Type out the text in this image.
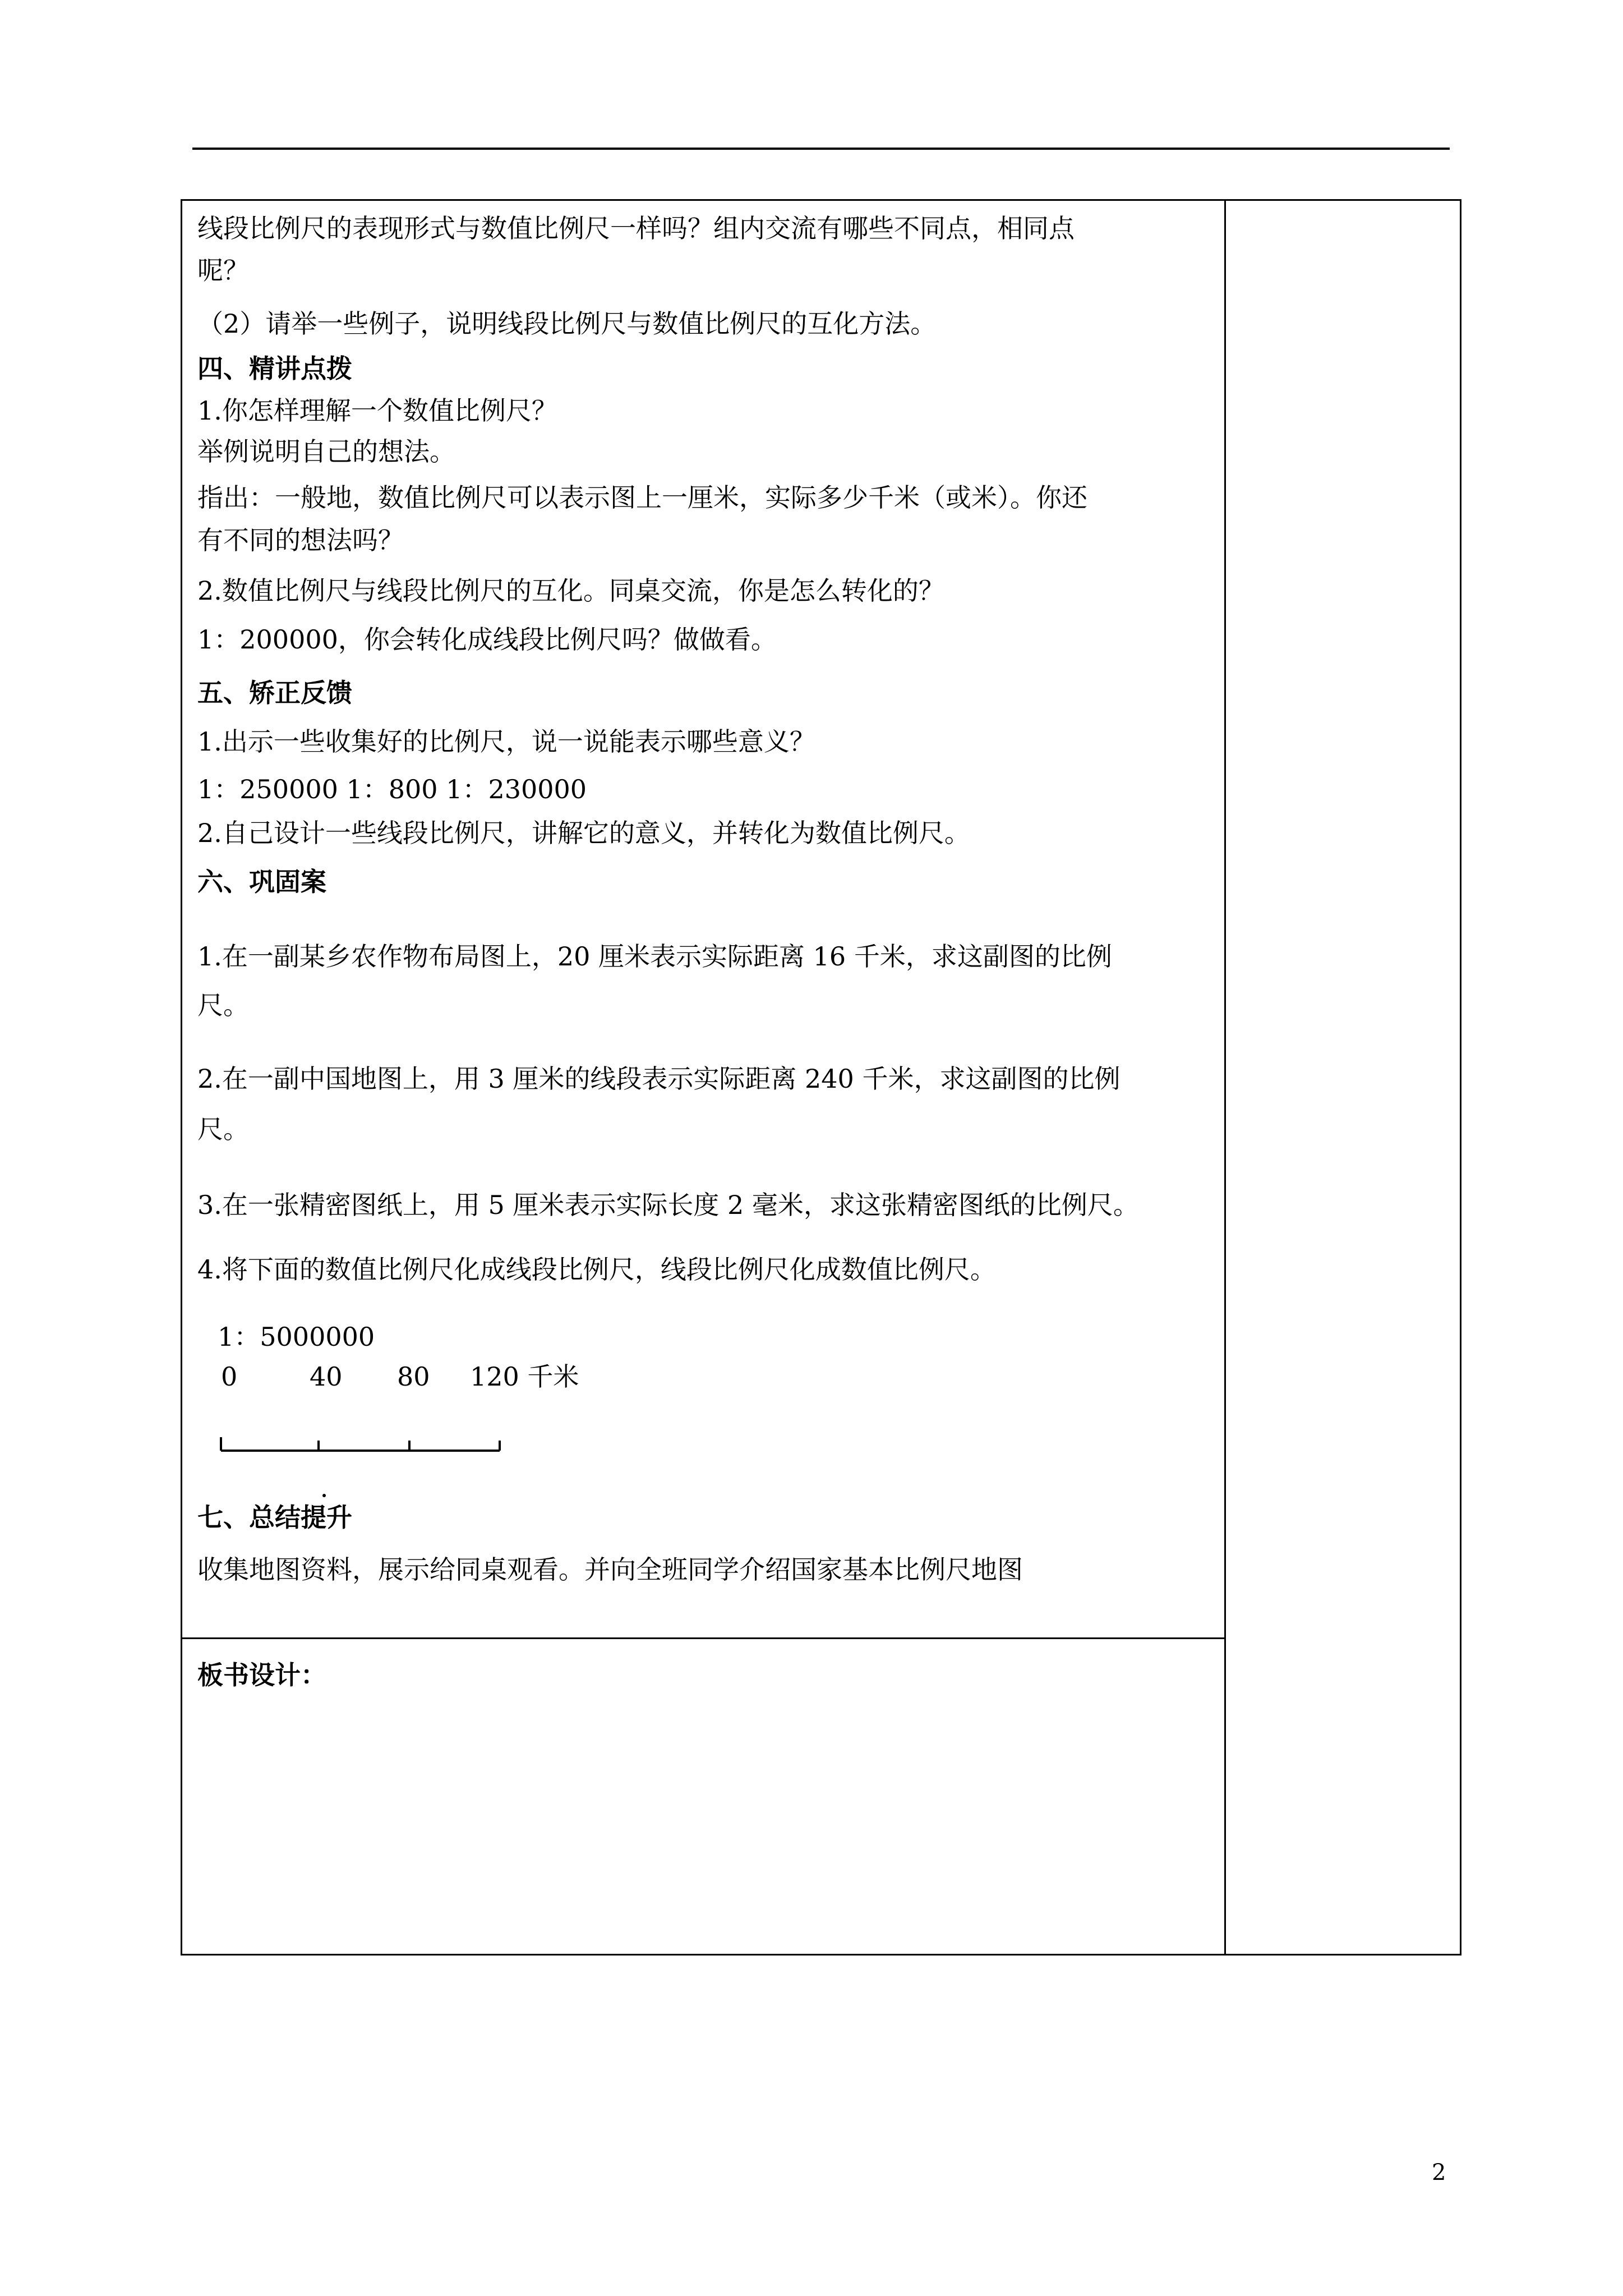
线段比例尺的表现形式与数值比例尺一样吗？组内交流有哪些不同点，相同点
呢？
（2）请举一些例子，说明线段比例尺与数值比例尺的互化方法。
四、精讲点拨
1.你怎样理解一个数值比例尺？
举例说明自己的想法。
指出：一般地，数值比例尺可以表示图上一厘米，实际多少千米（或米）。你还
有不同的想法吗？
2.数值比例尺与线段比例尺的互化。同桌交流，你是怎么转化的？
1：200000，你会转化成线段比例尺吗？做做看。
五、矫正反馈
1.出示一些收集好的比例尺，说一说能表示哪些意义？
1：250000 1：800 1：230000
2.自己设计一些线段比例尺，讲解它的意义，并转化为数值比例尺。
六、巩固案
1.在一副某乡农作物布局图上，20 厘米表示实际距离 16 千米，求这副图的比例
尺。
2.在一副中国地图上，用 3 厘米的线段表示实际距离 240 千米，求这副图的比例
尺。
3.在一张精密图纸上，用 5 厘米表示实际长度 2 毫米，求这张精密图纸的比例尺。
4.将下面的数值比例尺化成线段比例尺，线段比例尺化成数值比例尺。
1：5000000
0	40 80 120 千米
七、总结提升
收集地图资料，展示给同桌观看。并向全班同学介绍国家基本比例尺地图
板书设计：
2
